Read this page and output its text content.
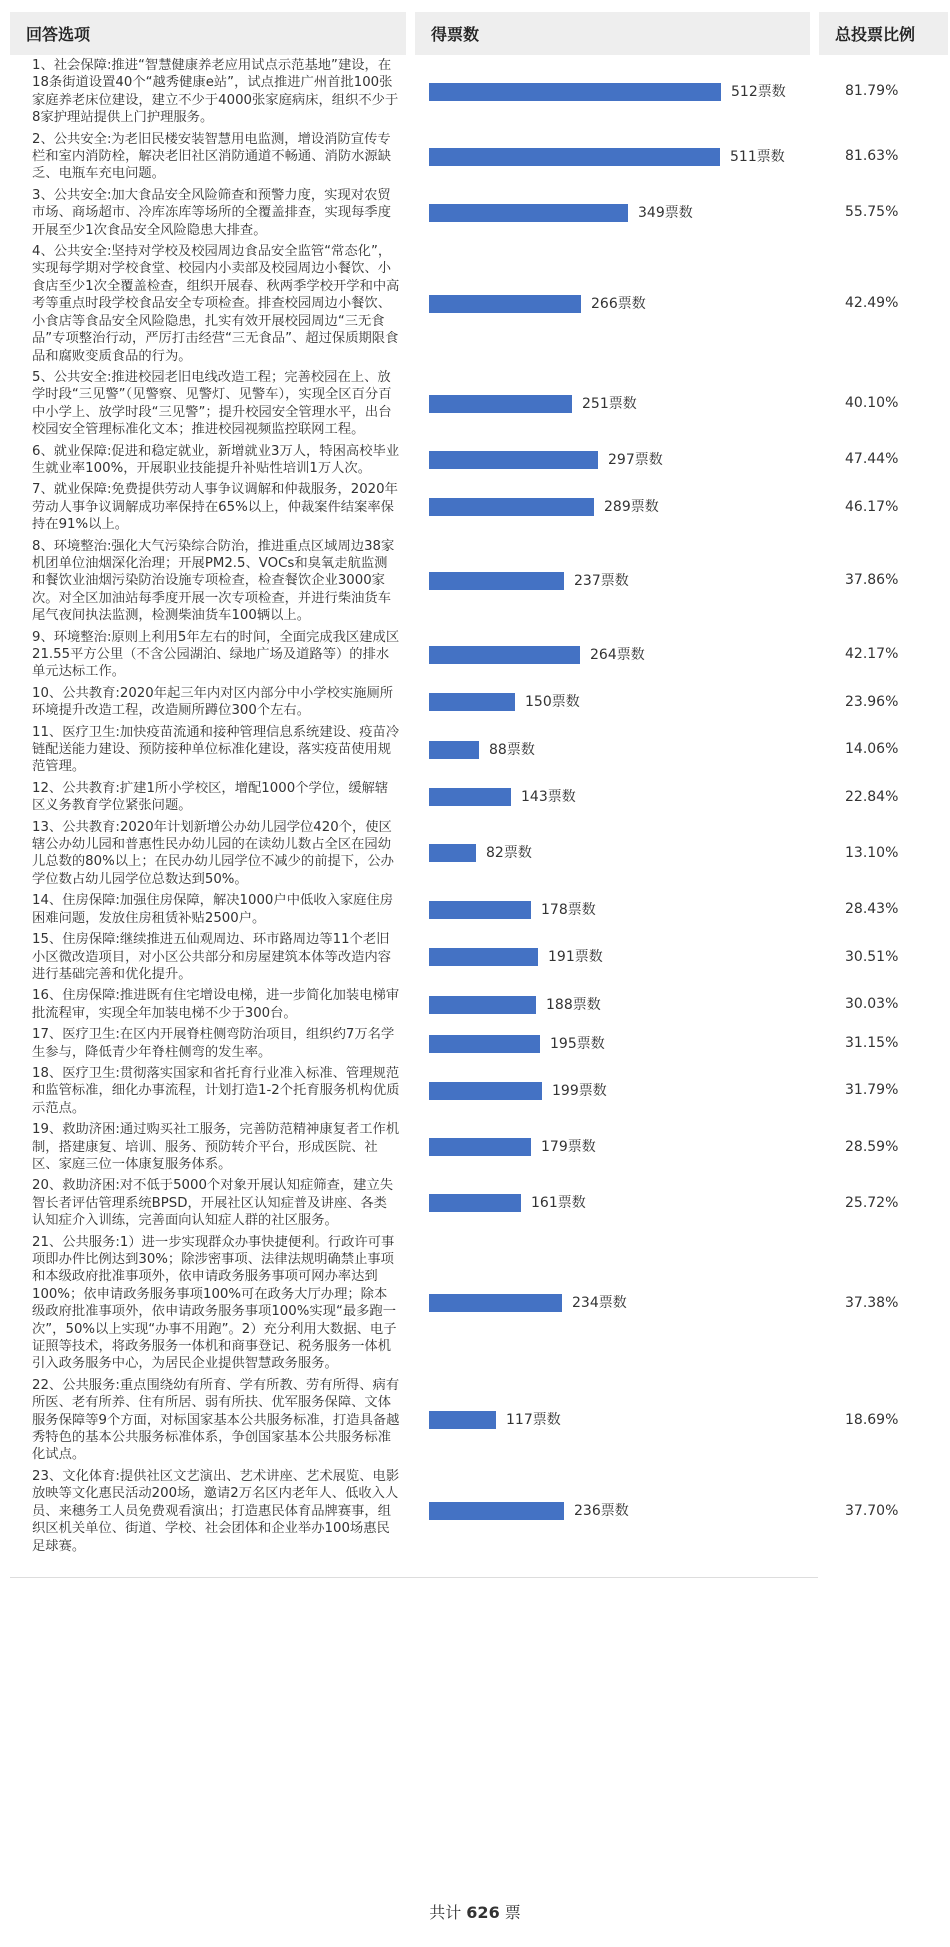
回答选项		得票数		总投票比例
1、社会保障:推进“智慧健康养老应用试点示范基地”建设，在18条街道设置40个“越秀健康e站”，试点推进广州首批100张家庭养老床位建设，建立不少于4000张家庭病床，组织不少于8家护理站提供上门护理服务。		512票数		81.79%
2、公共安全:为老旧民楼安装智慧用电监测，增设消防宣传专栏和室内消防栓，解决老旧社区消防通道不畅通、消防水源缺乏、电瓶车充电问题。		511票数		81.63%
3、公共安全:加大食品安全风险筛查和预警力度，实现对农贸市场、商场超市、冷库冻库等场所的全覆盖排查，实现每季度开展至少1次食品安全风险隐患大排查。		349票数		55.75%
4、公共安全:坚持对学校及校园周边食品安全监管“常态化”，实现每学期对学校食堂、校园内小卖部及校园周边小餐饮、小食店至少1次全覆盖检查，组织开展春、秋两季学校开学和中高考等重点时段学校食品安全专项检查。排查校园周边小餐饮、小食店等食品安全风险隐患，扎实有效开展校园周边“三无食品”专项整治行动，严厉打击经营“三无食品”、超过保质期限食品和腐败变质食品的行为。		266票数		42.49%
5、公共安全:推进校园老旧电线改造工程；完善校园在上、放学时段“三见警”（见警察、见警灯、见警车），实现全区百分百中小学上、放学时段“三见警”；提升校园安全管理水平，出台校园安全管理标准化文本；推进校园视频监控联网工程。		251票数		40.10%
6、就业保障:促进和稳定就业，新增就业3万人，特困高校毕业生就业率100%，开展职业技能提升补贴性培训1万人次。		297票数		47.44%
7、就业保障:免费提供劳动人事争议调解和仲裁服务，2020年劳动人事争议调解成功率保持在65%以上，仲裁案件结案率保持在91%以上。		289票数		46.17%
8、环境整治:强化大气污染综合防治，推进重点区域周边38家机团单位油烟深化治理；开展PM2.5、VOCs和臭氧走航监测和餐饮业油烟污染防治设施专项检查，检查餐饮企业3000家次。对全区加油站每季度开展一次专项检查，并进行柴油货车尾气夜间执法监测，检测柴油货车100辆以上。		237票数		37.86%
9、环境整治:原则上利用5年左右的时间，全面完成我区建成区21.55平方公里（不含公园湖泊、绿地广场及道路等）的排水单元达标工作。		264票数		42.17%
10、公共教育:2020年起三年内对区内部分中小学校实施厕所环境提升改造工程，改造厕所蹲位300个左右。		150票数		23.96%
11、医疗卫生:加快疫苗流通和接种管理信息系统建设、疫苗冷链配送能力建设、预防接种单位标准化建设，落实疫苗使用规范管理。		88票数		14.06%
12、公共教育:扩建1所小学校区，增配1000个学位，缓解辖区义务教育学位紧张问题。		143票数		22.84%
13、公共教育:2020年计划新增公办幼儿园学位420个，使区辖公办幼儿园和普惠性民办幼儿园的在读幼儿数占全区在园幼儿总数的80%以上；在民办幼儿园学位不减少的前提下，公办学位数占幼儿园学位总数达到50%。		82票数		13.10%
14、住房保障:加强住房保障，解决1000户中低收入家庭住房困难问题，发放住房租赁补贴2500户。		178票数		28.43%
15、住房保障:继续推进五仙观周边、环市路周边等11个老旧小区微改造项目，对小区公共部分和房屋建筑本体等改造内容进行基础完善和优化提升。		191票数		30.51%
16、住房保障:推进既有住宅增设电梯，进一步简化加装电梯审批流程审，实现全年加装电梯不少于300台。		188票数		30.03%
17、医疗卫生:在区内开展脊柱侧弯防治项目，组织约7万名学生参与，降低青少年脊柱侧弯的发生率。		195票数		31.15%
18、医疗卫生:贯彻落实国家和省托育行业准入标准、管理规范和监管标准，细化办事流程，计划打造1-2个托育服务机构优质示范点。		199票数		31.79%
19、救助济困:通过购买社工服务，完善防范精神康复者工作机制，搭建康复、培训、服务、预防转介平台，形成医院、社区、家庭三位一体康复服务体系。		179票数		28.59%
20、救助济困:对不低于5000个对象开展认知症筛查，建立失智长者评估管理系统BPSD，开展社区认知症普及讲座、各类认知症介入训练，完善面向认知症人群的社区服务。		161票数		25.72%
21、公共服务:1）进一步实现群众办事快捷便利。行政许可事项即办件比例达到30%；除涉密事项、法律法规明确禁止事项和本级政府批准事项外，依申请政务服务事项可网办率达到100%；依申请政务服务事项100%可在政务大厅办理；除本级政府批准事项外，依申请政务服务事项100%实现“最多跑一次”，50%以上实现“办事不用跑”。2）充分利用大数据、电子证照等技术，将政务服务一体机和商事登记、税务服务一体机引入政务服务中心，为居民企业提供智慧政务服务。		234票数		37.38%
22、公共服务:重点围绕幼有所育、学有所教、劳有所得、病有所医、老有所养、住有所居、弱有所扶、优军服务保障、文体服务保障等9个方面，对标国家基本公共服务标准，打造具备越秀特色的基本公共服务标准体系，争创国家基本公共服务标准化试点。		117票数		18.69%
23、文化体育:提供社区文艺演出、艺术讲座、艺术展览、电影放映等文化惠民活动200场，邀请2万名区内老年人、低收入人员、来穗务工人员免费观看演出；打造惠民体育品牌赛事，组织区机关单位、街道、学校、社会团体和企业举办100场惠民足球赛。		236票数		37.70%
共计 626 票
